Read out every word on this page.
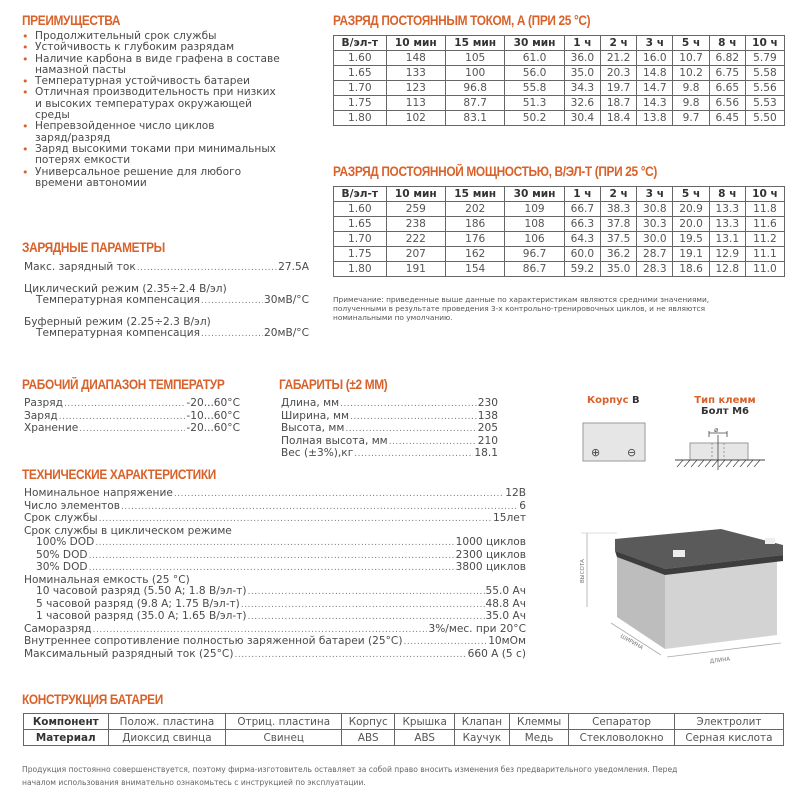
ПРЕИМУЩЕСТВА
• Продолжительный срок службы
• Устойчивость к глубоким разрядам
• Наличие карбона в виде графена в составе
намазной пасты
• Температурная устойчивость батареи
• Отличная производительность при низких
и высоких температурах окружающей
среды
• Непревзойденное число циклов
заряд/разряд
• Заряд высокими токами при минимальных
потерях емкости
• Универсальное решение для любого
времени автономии
ЗАРЯДНЫЕ ПАРАМЕТРЫ
Макс. зарядный ток .....	27.5A
Циклический режим (2.35÷2.4 В/эл)
Температурная компенсация .....	30мВ/°С
Буферный режим (2.25÷2.3 В/эл)
Температурная компенсация .....	20мВ/°С
РАЗРЯД ПОСТОЯННЫМ ТОКОМ, А (ПРИ 25 °С)
В/эл-т	10 мин	15 мин	30 мин	1 ч	2 ч	3 ч	5 ч	8 ч	10 ч
1.60	148	105	61.0	36.0	21.2	16.0	10.7	6.82	5.79
1.65	133	100	56.0	35.0	20.3	14.8	10.2	6.75	5.58
1.70	123	96.8	55.8	34.3	19.7	14.7	9.8	6.65	5.56
1.75	113	87.7	51.3	32.6	18.7	14.3	9.8	6.56	5.53
1.80	102	83.1	50.2	30.4	18.4	13.8	9.7	6.45	5.50
РАЗРЯД ПОСТОЯННОЙ МОЩНОСТЬЮ, В/ЭЛ-Т (ПРИ 25 °С)
В/эл-т	10 мин	15 мин	30 мин	1 ч	2 ч	3 ч	5 ч	8 ч	10 ч
1.60	259	202	109	66.7	38.3	30.8	20.9	13.3	11.8
1.65	238	186	108	66.3	37.8	30.3	20.0	13.3	11.6
1.70	222	176	106	64.3	37.5	30.0	19.5	13.1	11.2
1.75	207	162	96.7	60.0	36.2	28.7	19.1	12.9	11.1
1.80	191	154	86.7	59.2	35.0	28.3	18.6	12.8	11.0
Примечание: приведенные выше данные по характеристикам являются средними значениями,
полученными в результате проведения 3-х контрольно-тренировочных циклов, и не являются
номинальными по умолчанию.
РАБОЧИЙ ДИАПАЗОН ТЕМПЕРАТУР
Разряд .....	-20...60°С
Заряд .....	-10...60°С
Хранение .....	-20...60°С
ГАБАРИТЫ (±2 ММ)
Длина, мм .....	230
Ширина, мм .....	138
Высота, мм .....	205
Полная высота, мм .....	210
Вес (±3%),кг .....	18.1
Корпус B
⊕ ⊖
Тип клемм
Болт М6
⌀
ТЕХНИЧЕСКИЕ ХАРАКТЕРИСТИКИ
Номинальное напряжение .....	12В
Число элементов .....	6
Срок службы .....	15лет
Срок службы в циклическом режиме
100% DOD .....	1000 циклов
50% DOD .....	2300 циклов
30% DOD .....	3800 циклов
Номинальная емкость (25 °С)
10 часовой разряд (5.50 А; 1.8 В/эл-т) .....	55.0 Ач
5 часовой разряд (9.8 А; 1.75 В/эл-т) .....	48.8 Ач
1 часовой разряд (35.0 А; 1.65 В/эл-т) .....	35.0 Ач
Саморазряд .....	3%/мес. при 20°С
Внутреннее сопротивление полностью заряженной батареи (25°С) .....	10мОм
Максимальный разрядный ток (25°С) .....	660 А (5 с)
ВЫСОТА
ШИРИНА
ДЛИНА
КОНСТРУКЦИЯ БАТАРЕИ
Компонент	Полож. пластина	Отриц. пластина	Корпус	Крышка	Клапан	Клеммы	Сепаратор	Электролит
Материал	Диоксид свинца	Свинец	ABS	ABS	Каучук	Медь	Стекловолокно	Серная кислота
Продукция постоянно совершенствуется, поэтому фирма-изготовитель оставляет за собой право вносить изменения без предварительного уведомления. Перед
началом использования внимательно ознакомьтесь с инструкцией по эксплуатации.
